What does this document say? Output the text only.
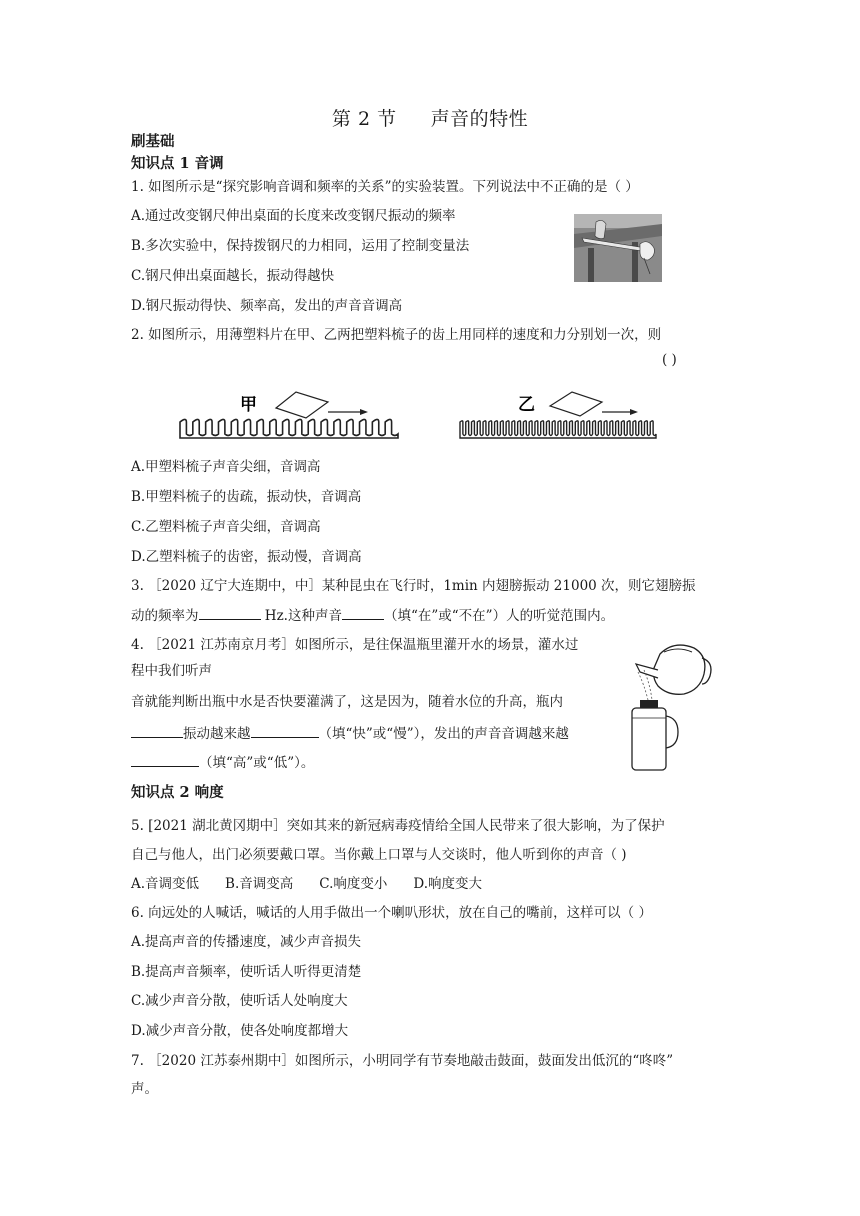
第 2 节 声音的特性
刷基础
知识点 1 音调
1. 如图所示是“探究影响音调和频率的关系”的实验装置。下列说法中不正确的是（ ）
A.通过改变钢尺伸出桌面的长度来改变钢尺振动的频率
B.多次实验中，保持拨钢尺的力相同，运用了控制变量法
C.钢尺伸出桌面越长，振动得越快
D.钢尺振动得快、频率高，发出的声音音调高
2. 如图所示，用薄塑料片在甲、乙两把塑料梳子的齿上用同样的速度和力分别划一次，则
( )
甲	乙
A.甲塑料梳子声音尖细，音调高
B.甲塑料梳子的齿疏，振动快，音调高
C.乙塑料梳子声音尖细，音调高
D.乙塑料梳子的齿密，振动慢，音调高
3. ［2020 辽宁大连期中，中］某种昆虫在飞行时，1min 内翅膀振动 21000 次，则它翅膀振
动的频率为	Hz.这种声音	（填“在”或“不在”）人的听觉范围内。
4. ［2021 江苏南京月考］如图所示，是往保温瓶里灌开水的场景，灌水过
程中我们听声
音就能判断出瓶中水是否快要灌满了，这是因为，随着水位的升高，瓶内
振动越来越	（填“快”或“慢”），发出的声音音调越来越
（填“高”或“低”）。
知识点 2 响度
5. [2021 湖北黄冈期中］突如其来的新冠病毒疫情给全国人民带来了很大影响，为了保护
自己与他人，出门必须要戴口罩。当你戴上口罩与人交谈时，他人听到你的声音（ )
A.音调变低 B.音调变高 C.响度变小 D.响度变大
6. 向远处的人喊话，喊话的人用手做出一个喇叭形状，放在自己的嘴前，这样可以（ ）
A.提高声音的传播速度，减少声音损失
B.提高声音频率，使听话人听得更清楚
C.减少声音分散，使听话人处响度大
D.减少声音分散，使各处响度都增大
7. ［2020 江苏泰州期中］如图所示，小明同学有节奏地敲击鼓面，鼓面发出低沉的“咚咚”
声。
